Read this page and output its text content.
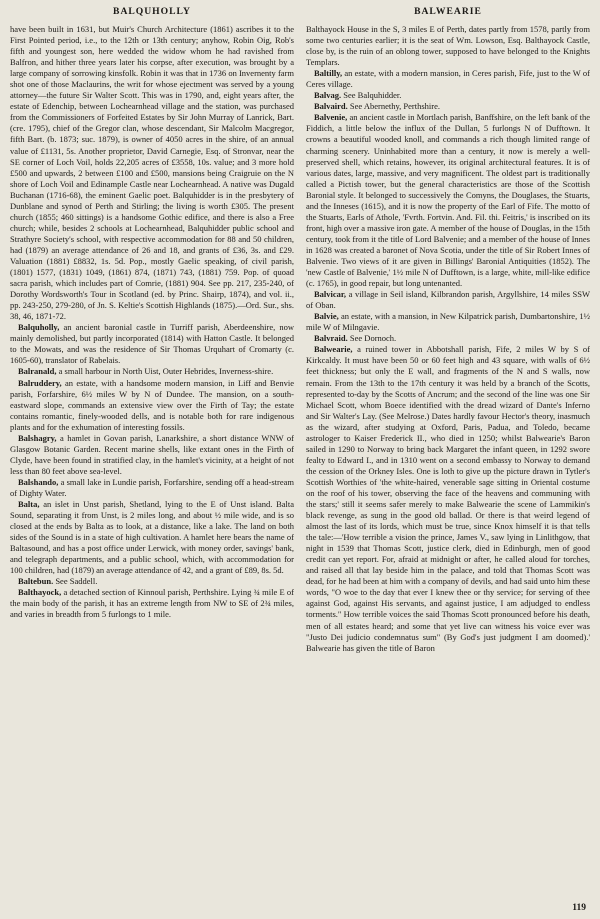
BALQUHOLLY	BALWEARIE

have been built in 1631, but Muir's Church Architecture (1861) ascribes it to the First Pointed period, i.e., to the 12th or 13th century; anyhow, Robin Oig, Rob's fifth and youngest son, here wedded the widow whom he had ravished from Balfron, and hither three years later his corpse, after execution, was brought by a large company of sorrowing kinsfolk. Robin it was that in 1736 on Invernenty farm shot one of those Maclaurins, the writ for whose ejectment was served by a young attorney—the future Sir Walter Scott. This was in 1790, and, eight years after, the estate of Edenchip, between Lochearnhead village and the station, was purchased from the Commissioners of Forfeited Estates by Sir John Murray of Lanrick, Bart. (cre. 1795), chief of the Gregor clan, whose descendant, Sir Malcolm Macgregor, fifth Bart. (b. 1873; suc. 1879), is owner of 4050 acres in the shire, of an annual value of £1131, 5s. Another proprietor, David Carnegie, Esq. of Stronvar, near the SE corner of Loch Voil, holds 22,205 acres of £3558, 10s. value; and 3 more hold £500 and upwards, 2 between £100 and £500, mansions being Craigruie on the N shore of Loch Voil and Edinample Castle near Lochearnhead. A native was Dugald Buchanan (1716-68), the eminent Gaelic poet. Balquhidder is in the presbytery of Dunblane and synod of Perth and Stirling; the living is worth £305. The present church (1855; 460 sittings) is a handsome Gothic edifice, and there is also a Free church; while, besides 2 schools at Lochearnhead, Balquhidder public school and Strathyre Society's school, with respective accommodation for 88 and 50 children, had (1879) an average attendance of 26 and 18, and grants of £36, 3s. and £29. Valuation (1881) £8832, 1s. 5d. Pop., mostly Gaelic speaking, of civil parish, (1801) 1577, (1831) 1049, (1861) 874, (1871) 743, (1881) 759. Pop. of quoad sacra parish, which includes part of Comrie, (1881) 904. See pp. 217, 235-240, of Dorothy Wordsworth's Tour in Scotland (ed. by Princ. Shairp, 1874), and vol. ii., pp. 243-250, 279-280, of Jn. S. Keltie's Scottish Highlands (1875).—Ord. Sur., shs. 38, 46, 1871-72.

Balquholly, an ancient baronial castle in Turriff parish, Aberdeenshire, now mainly demolished, but partly incorporated (1814) with Hatton Castle. It belonged to the Mowats, and was the residence of Sir Thomas Urquhart of Cromarty (c. 1605-60), translator of Rabelais.

Balranald, a small harbour in North Uist, Outer Hebrides, Inverness-shire.

Balruddery, an estate, with a handsome modern mansion, in Liff and Benvie parish, Forfarshire, 6½ miles W by N of Dundee. The mansion, on a south-eastward slope, commands an extensive view over the Firth of Tay; the estate contains romantic, finely-wooded dells, and is notable both for rare indigenous plants and for the exhumation of interesting fossils.

Balshagry, a hamlet in Govan parish, Lanarkshire, a short distance WNW of Glasgow Botanic Garden. Recent marine shells, like extant ones in the Firth of Clyde, have been found in stratified clay, in the hamlet's vicinity, at a height of not less than 80 feet above sea-level.

Balshando, a small lake in Lundie parish, Forfarshire, sending off a head-stream of Dighty Water.

Balta, an islet in Unst parish, Shetland, lying to the E of Unst island. Balta Sound, separating it from Unst, is 2 miles long, and about ½ mile wide, and is so closed at the ends by Balta as to look, at a distance, like a lake. The land on both sides of the Sound is in a state of high cultivation. A hamlet here bears the name of Baltasound, and has a post office under Lerwick, with money order, savings' bank, and telegraph departments, and a public school, which, with accommodation for 100 children, had (1879) an average attendance of 42, and a grant of £89, 8s. 5d.

Baltebun. See Saddell.

Balthayock, a detached section of Kinnoul parish, Perthshire. Lying ¾ mile E of the main body of the parish, it has an extreme length from NW to SE of 2¾ miles, and varies in breadth from 5 furlongs to 1 mile.

Balthayock House in the S, 3 miles E of Perth, dates partly from 1578, partly from some two centuries earlier; it is the seat of Wm. Lowson, Esq. Balthayock Castle, close by, is the ruin of an oblong tower, supposed to have belonged to the Knights Templars.

Baltilly, an estate, with a modern mansion, in Ceres parish, Fife, just to the W of Ceres village.

Balvag. See Balquhidder.

Balvaird. See Abernethy, Perthshire.

Balvenie, an ancient castle in Mortlach parish, Banffshire, on the left bank of the Fiddich, a little below the influx of the Dullan, 5 furlongs N of Dufftown. It crowns a beautiful wooded knoll, and commands a rich though limited range of charming scenery. Uninhabited more than a century, it now is merely a well-preserved shell, which retains, however, its original architectural features. It is of various dates, large, massive, and very magnificent. The oldest part is traditionally called a Pictish tower, but the general characteristics are those of the Scottish Baronial style. It belonged to successively the Comyns, the Douglases, the Stuarts, and the Inneses (1615), and it is now the property of the Earl of Fife. The motto of the Stuarts, Earls of Athole, 'Fvrth. Fortvin. And. Fil. thi. Feitris,' is inscribed on its front, high over a massive iron gate. A member of the house of Douglas, in the 15th century, took from it the title of Lord Balvenie; and a member of the house of Innes in 1628 was created a baronet of Nova Scotia, under the title of Sir Robert Innes of Balvenie. Two views of it are given in Billings' Baronial Antiquities (1852). The 'new Castle of Balvenie,' 1½ mile N of Dufftown, is a large, white, mill-like edifice (c. 1765), in good repair, but long untenanted.

Balvicar, a village in Seil island, Kilbrandon parish, Argyllshire, 14 miles SSW of Oban.

Balvie, an estate, with a mansion, in New Kilpatrick parish, Dumbartonshire, 1½ mile W of Milngavie.

Balvraid. See Dornoch.

Balwearie, a ruined tower in Abbotshall parish, Fife, 2 miles W by S of Kirkcaldy. It must have been 50 or 60 feet high and 43 square, with walls of 6½ feet thickness; but only the E wall, and fragments of the N and S walls, now remain. From the 13th to the 17th century it was held by a branch of the Scotts, represented to-day by the Scotts of Ancrum; and the second of the line was one Sir Michael Scott, whom Boece identified with the dread wizard of Dante's Inferno and Sir Walter's Lay. (See Melrose.) Dates hardly favour Hector's theory, inasmuch as the wizard, after studying at Oxford, Paris, Padua, and Toledo, became astrologer to Kaiser Frederick II., who died in 1250; whilst Balwearie's Baron sailed in 1290 to Norway to bring back Margaret the infant queen, in 1292 swore fealty to Edward I., and in 1310 went on a second embassy to Norway to demand the cession of the Orkney Isles. One is loth to give up the picture drawn in Tytler's Scottish Worthies of 'the white-haired, venerable sage sitting in Oriental costume on the roof of his tower, observing the face of the heavens and communing with the stars;' still it seems safer merely to make Balwearie the scene of Lammikin's black revenge, as sung in the good old ballad. Or there is that weird legend of almost the last of its lords, which must be true, since Knox himself it is that tells the tale:—'How terrible a vision the prince, James V., saw lying in Linlithgow, that night in 1539 that Thomas Scott, justice clerk, died in Edinburgh, men of good credit can yet report. For, afraid at midnight or after, he called aloud for torches, and raised all that lay beside him in the palace, and told that Thomas Scott was dead, for he had been at him with a company of devils, and had said unto him these words, "O woe to the day that ever I knew thee or thy service; for serving of thee against God, against His servants, and against justice, I am adjudged to endless torments." How terrible voices the said Thomas Scott pronounced before his death, men of all estates heard; and some that yet live can witness his voice ever was "Justo Dei judicio condemnatus sum" (By God's just judgment I am doomed).' Balwearie has given the title of Baron

119
